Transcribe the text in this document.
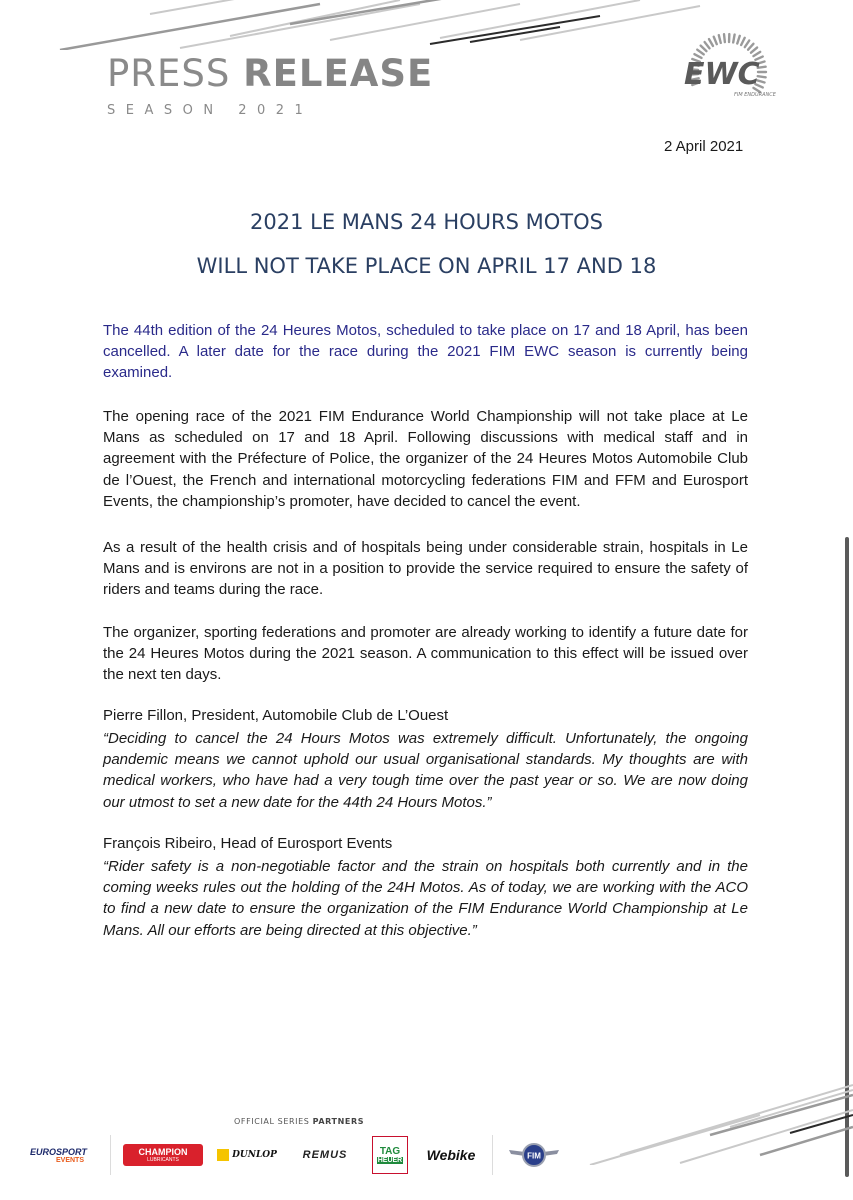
PRESS RELEASE
SEASON 2021
EWC
FIM ENDURANCE
2 April 2021
2021 LE MANS 24 HOURS MOTOS
WILL NOT TAKE PLACE ON APRIL 17 AND 18

The 44th edition of the 24 Heures Motos, scheduled to take place on 17 and 18 April, has been cancelled. A later date for the race during the 2021 FIM EWC season is currently being examined.

The opening race of the 2021 FIM Endurance World Championship will not take place at Le Mans as scheduled on 17 and 18 April. Following discussions with medical staff and in agreement with the Préfecture of Police, the organizer of the 24 Heures Motos Automobile Club de l’Ouest, the French and international motorcycling federations FIM and FFM and Eurosport Events, the championship’s promoter, have decided to cancel the event.

As a result of the health crisis and of hospitals being under considerable strain, hospitals in Le Mans and is environs are not in a position to provide the service required to ensure the safety of riders and teams during the race.

The organizer, sporting federations and promoter are already working to identify a future date for the 24 Heures Motos during the 2021 season. A communication to this effect will be issued over the next ten days.

Pierre Fillon, President, Automobile Club de L’Ouest

“Deciding to cancel the 24 Hours Motos was extremely difficult. Unfortunately, the ongoing pandemic means we cannot uphold our usual organisational standards. My thoughts are with medical workers, who have had a very tough time over the past year or so. We are now doing our utmost to set a new date for the 44th 24 Hours Motos.”

François Ribeiro, Head of Eurosport Events

“Rider safety is a non-negotiable factor and the strain on hospitals both currently and in the coming weeks rules out the holding of the 24H Motos. As of today, we are working with the ACO to find a new date to ensure the organization of the FIM Endurance World Championship at Le Mans. All our efforts are being directed at this objective.”

OFFICIAL SERIES PARTNERS
EUROSPORT
EVENTS
CHAMPION
LUBRICANTS	DUNLOP REMUS	TAG
HEUER Webike	FIM
